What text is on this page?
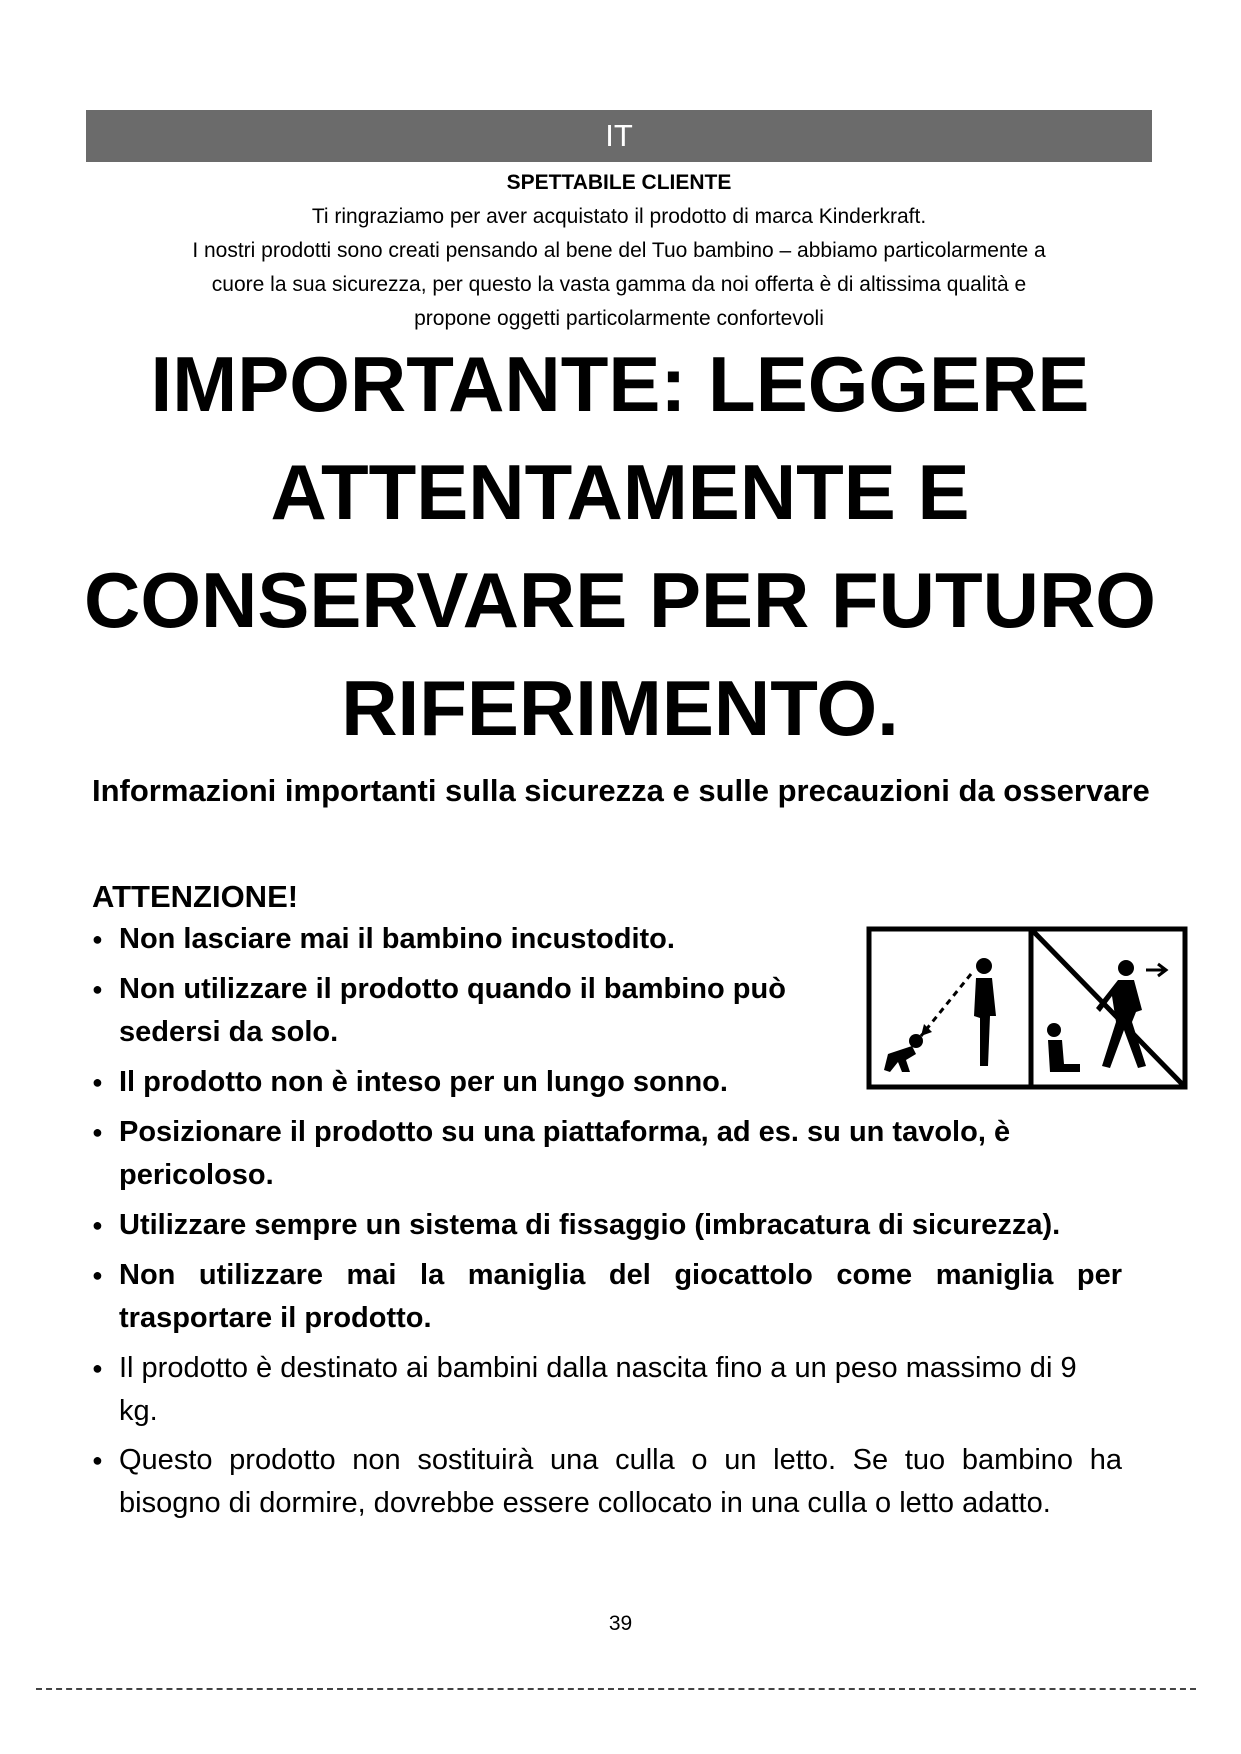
IT
SPETTABILE CLIENTE
Ti ringraziamo per aver acquistato il prodotto di marca Kinderkraft.
I nostri prodotti sono creati pensando al bene del Tuo bambino – abbiamo particolarmente a
cuore la sua sicurezza, per questo la vasta gamma da noi offerta è di altissima qualità e
propone oggetti particolarmente confortevoli
IMPORTANTE: LEGGERE ATTENTAMENTE E CONSERVARE PER FUTURO RIFERIMENTO.
Informazioni importanti sulla sicurezza e sulle precauzioni da osservare
ATTENZIONE!
● Non lasciare mai il bambino incustodito.
● Non utilizzare il prodotto quando il bambino può sedersi da solo.
● Il prodotto non è inteso per un lungo sonno.
● Posizionare il prodotto su una piattaforma, ad es. su un tavolo, è pericoloso.
● Utilizzare sempre un sistema di fissaggio (imbracatura di sicurezza).
● Non utilizzare mai la maniglia del giocattolo come maniglia per trasportare il prodotto.
● Il prodotto è destinato ai bambini dalla nascita fino a un peso massimo di 9 kg.
● Questo prodotto non sostituirà una culla o un letto. Se tuo bambino ha bisogno di dormire, dovrebbe essere collocato in una culla o letto adatto.
39
